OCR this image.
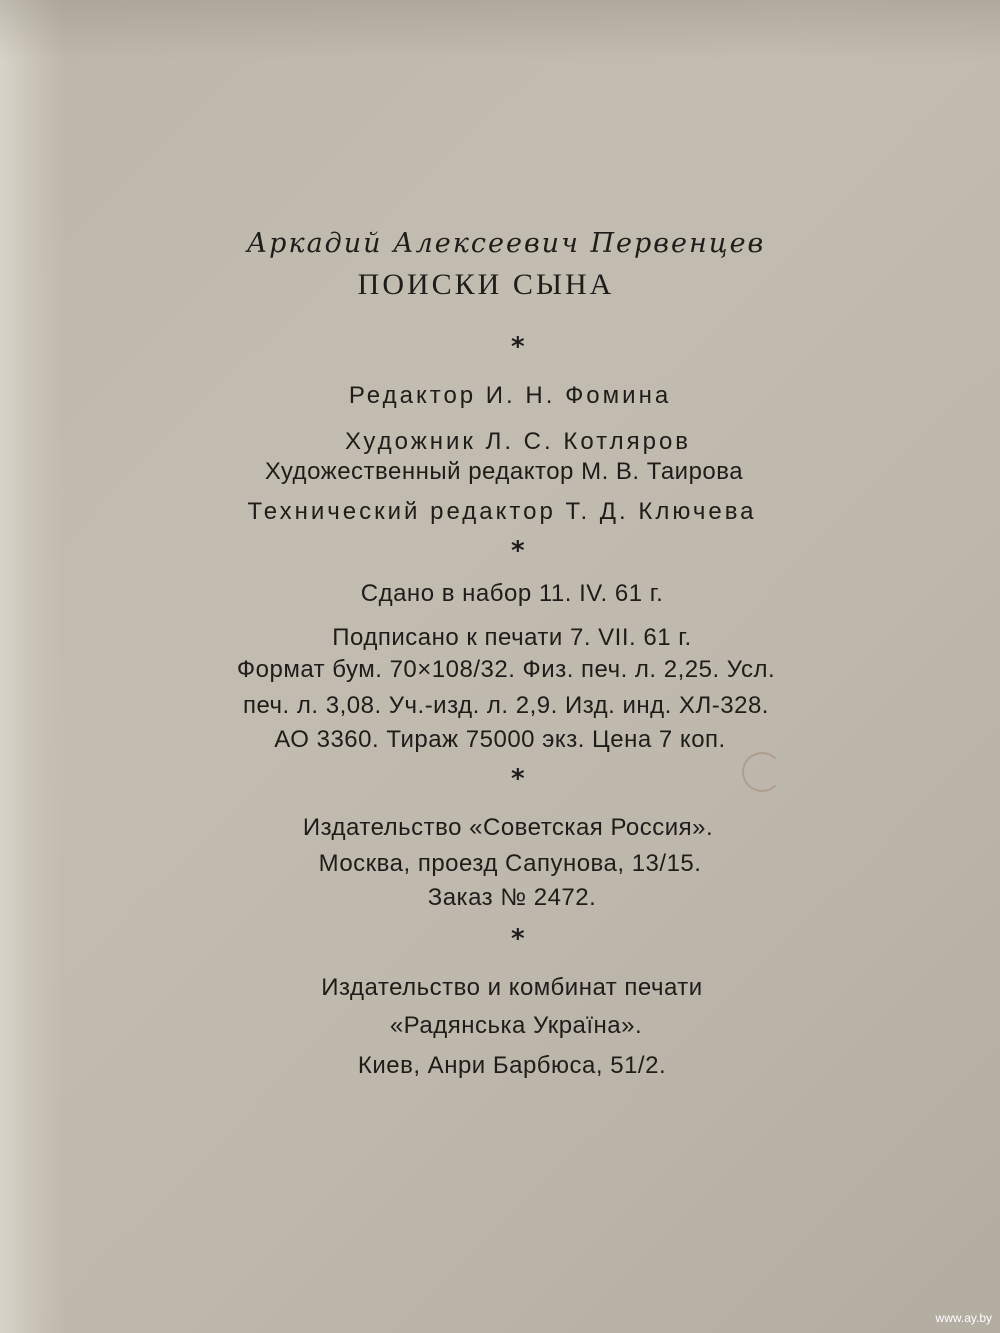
Аркадий Алексеевич Первенцев

ПОИСКИ СЫНА

*
Редактор И. Н. Фомина
Художник Л. С. Котляров
Художественный редактор М. В. Таирова
Технический редактор Т. Д. Ключева
*
Сдано в набор 11. IV. 61 г.
Подписано к печати 7. VII. 61 г.
Формат бум. 70×108/32. Физ. печ. л. 2,25. Усл.
печ. л. 3,08. Уч.-изд. л. 2,9. Изд. инд. ХЛ-328.
АО 3360. Тираж 75000 экз. Цена 7 коп.
*
Издательство «Советская Россия».
Москва, проезд Сапунова, 13/15.
Заказ № 2472.
*
Издательство и комбинат печати
«Радянська Україна».
Киев, Анри Барбюса, 51/2.
www.ay.by
